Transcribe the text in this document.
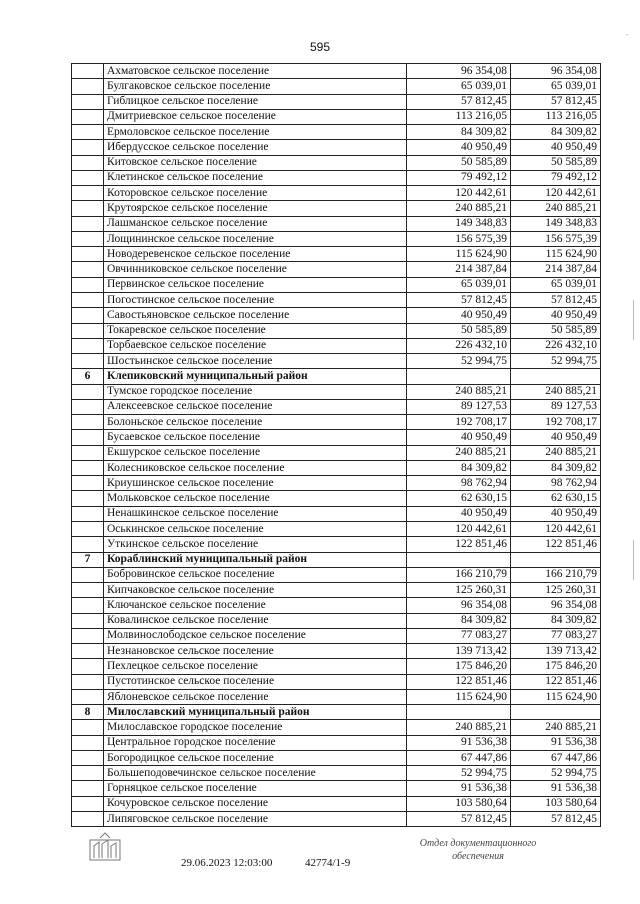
595
-
	Ахматовское сельское поселение	96 354,08	96 354,08
	Булгаковское сельское поселение	65 039,01	65 039,01
	Гиблицкое сельское поселение	57 812,45	57 812,45
	Дмитриевское сельское поселение	113 216,05	113 216,05
	Ермоловское сельское поселение	84 309,82	84 309,82
	Ибердусское сельское поселение	40 950,49	40 950,49
	Китовское сельское поселение	50 585,89	50 585,89
	Клетинское сельское поселение	79 492,12	79 492,12
	Которовское сельское поселение	120 442,61	120 442,61
	Крутоярское сельское поселение	240 885,21	240 885,21
	Лашманское сельское поселение	149 348,83	149 348,83
	Лощининское сельское поселение	156 575,39	156 575,39
	Новодеревенское сельское поселение	115 624,90	115 624,90
	Овчинниковское сельское поселение	214 387,84	214 387,84
	Первинское сельское поселение	65 039,01	65 039,01
	Погостинское сельское поселение	57 812,45	57 812,45
	Савостьяновское сельское поселение	40 950,49	40 950,49
	Токаревское сельское поселение	50 585,89	50 585,89
	Торбаевское сельское поселение	226 432,10	226 432,10
	Шостьинское сельское поселение	52 994,75	52 994,75
6	Клепиковский муниципальный район		
	Тумское городское поселение	240 885,21	240 885,21
	Алексеевское сельское поселение	89 127,53	89 127,53
	Болоньское сельское поселение	192 708,17	192 708,17
	Бусаевское сельское поселение	40 950,49	40 950,49
	Екшурское сельское поселение	240 885,21	240 885,21
	Колесниковское сельское поселение	84 309,82	84 309,82
	Криушинское сельское поселение	98 762,94	98 762,94
	Мольковское сельское поселение	62 630,15	62 630,15
	Ненашкинское сельское поселение	40 950,49	40 950,49
	Оськинское сельское поселение	120 442,61	120 442,61
	Уткинское сельское поселение	122 851,46	122 851,46
7	Кораблинский муниципальный район		
	Бобровинское сельское поселение	166 210,79	166 210,79
	Кипчаковское сельское поселение	125 260,31	125 260,31
	Ключанское сельское поселение	96 354,08	96 354,08
	Ковалинское сельское поселение	84 309,82	84 309,82
	Молвинослободское сельское поселение	77 083,27	77 083,27
	Незнановское сельское поселение	139 713,42	139 713,42
	Пехлецкое сельское поселение	175 846,20	175 846,20
	Пустотинское сельское поселение	122 851,46	122 851,46
	Яблоневское сельское поселение	115 624,90	115 624,90
8	Милославский муниципальный район		
	Милославское городское поселение	240 885,21	240 885,21
	Центральное городское поселение	91 536,38	91 536,38
	Богородицкое сельское поселение	67 447,86	67 447,86
	Большеподовечинское сельское поселение	52 994,75	52 994,75
	Горняцкое сельское поселение	91 536,38	91 536,38
	Кочуровское сельское поселение	103 580,64	103 580,64
	Липяговское сельское поселение	57 812,45	57 812,45
29.06.2023 12:03:00	42774/1-9
Отдел документационного
обеспечения
